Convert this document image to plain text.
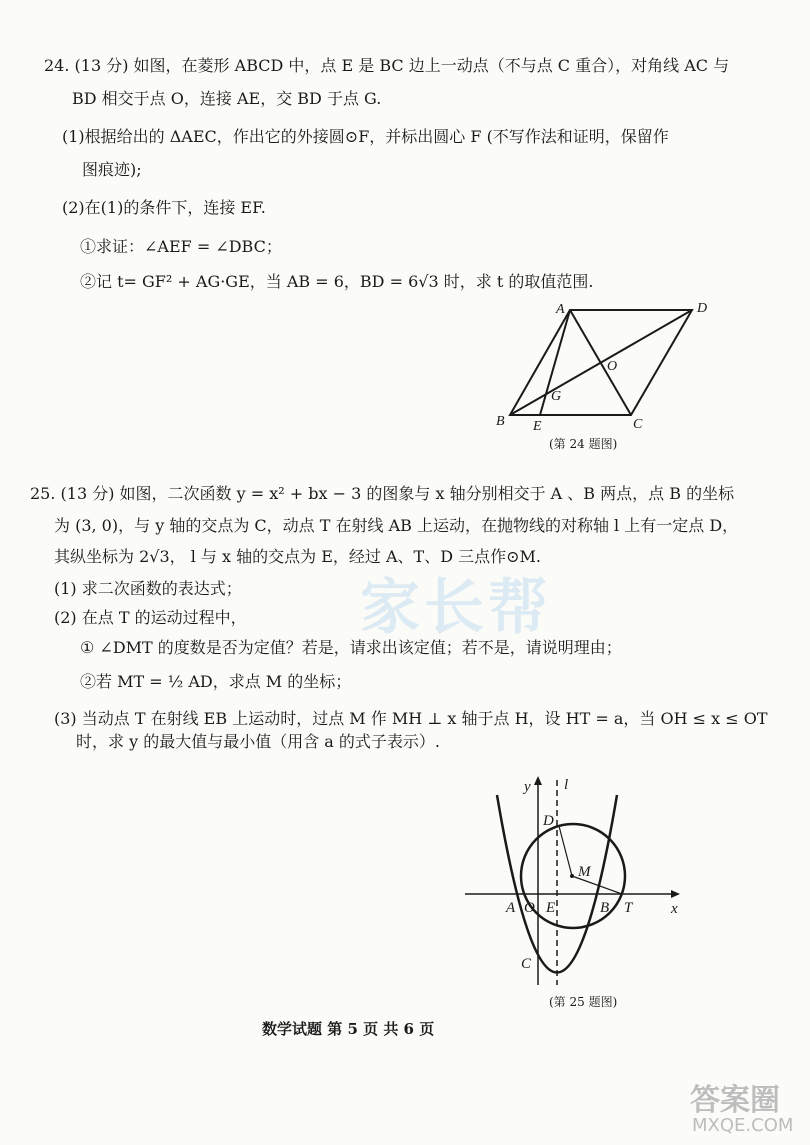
家长帮
答案圈
MXQE.COM
24. (13 分) 如图，在菱形 ABCD 中，点 E 是 BC 边上一动点（不与点 C 重合），对角线 AC 与
BD 相交于点 O，连接 AE，交 BD 于点 G.
(1)根据给出的 ΔAEC，作出它的外接圆⊙F，并标出圆心 F (不写作法和证明，保留作
图痕迹);
(2)在(1)的条件下，连接 EF.
①求证：∠AEF = ∠DBC；
②记 t= GF² + AG·GE，当 AB = 6，BD = 6√3 时，求 t 的取值范围.
A	D
O
G
B E	C
(第 24 题图)
25. (13 分) 如图，二次函数 y = x² + bx − 3 的图象与 x 轴分别相交于 A 、B 两点，点 B 的坐标
为 (3, 0)，与 y 轴的交点为 C，动点 T 在射线 AB 上运动，在抛物线的对称轴 l 上有一定点 D，
其纵坐标为 2√3， l 与 x 轴的交点为 E，经过 A、T、D 三点作⊙M.
(1) 求二次函数的表达式；
(2) 在点 T 的运动过程中，
① ∠DMT 的度数是否为定值？若是，请求出该定值；若不是，请说明理由；
②若 MT = ½ AD，求点 M 的坐标；
(3) 当动点 T 在射线 EB 上运动时，过点 M 作 MH ⊥ x 轴于点 H，设 HT = a，当 OH ≤ x ≤ OT
时，求 y 的最大值与最小值（用含 a 的式子表示）.
y l
D
M
A O E	B T	x
C
(第 25 题图)
数学试题 第 5 页 共 6 页
